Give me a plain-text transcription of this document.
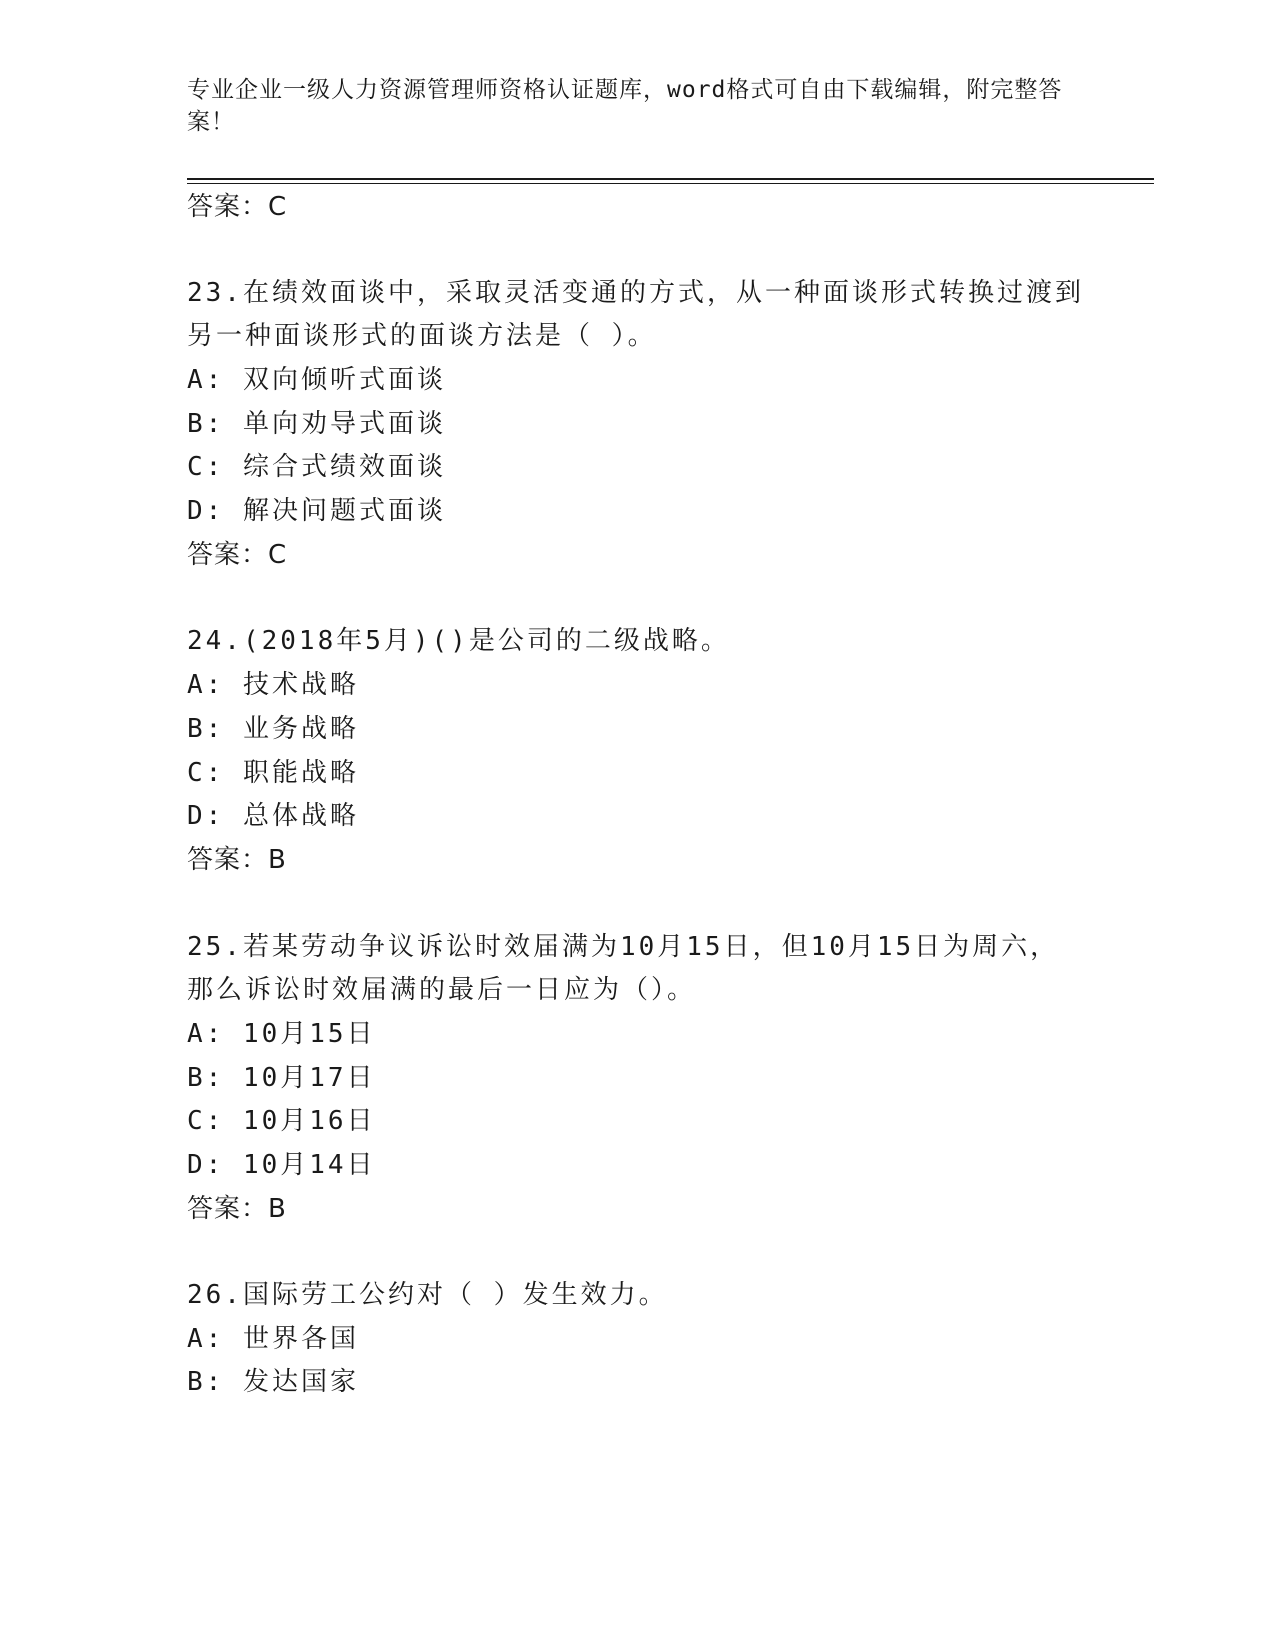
专业企业一级人力资源管理师资格认证题库，word格式可自由下载编辑，附完整答案！
答案：C
23.在绩效面谈中，采取灵活变通的方式，从一种面谈形式转换过渡到
另一种面谈形式的面谈方法是（ ）。
A: 双向倾听式面谈
B: 单向劝导式面谈
C: 综合式绩效面谈
D: 解决问题式面谈
答案：C
24.(2018年5月)()是公司的二级战略。
A: 技术战略
B: 业务战略
C: 职能战略
D: 总体战略
答案：B
25.若某劳动争议诉讼时效届满为10月15日，但10月15日为周六，
那么诉讼时效届满的最后一日应为（）。
A: 10月15日
B: 10月17日
C: 10月16日
D: 10月14日
答案：B
26.国际劳工公约对（ ）发生效力。
A: 世界各国
B: 发达国家
